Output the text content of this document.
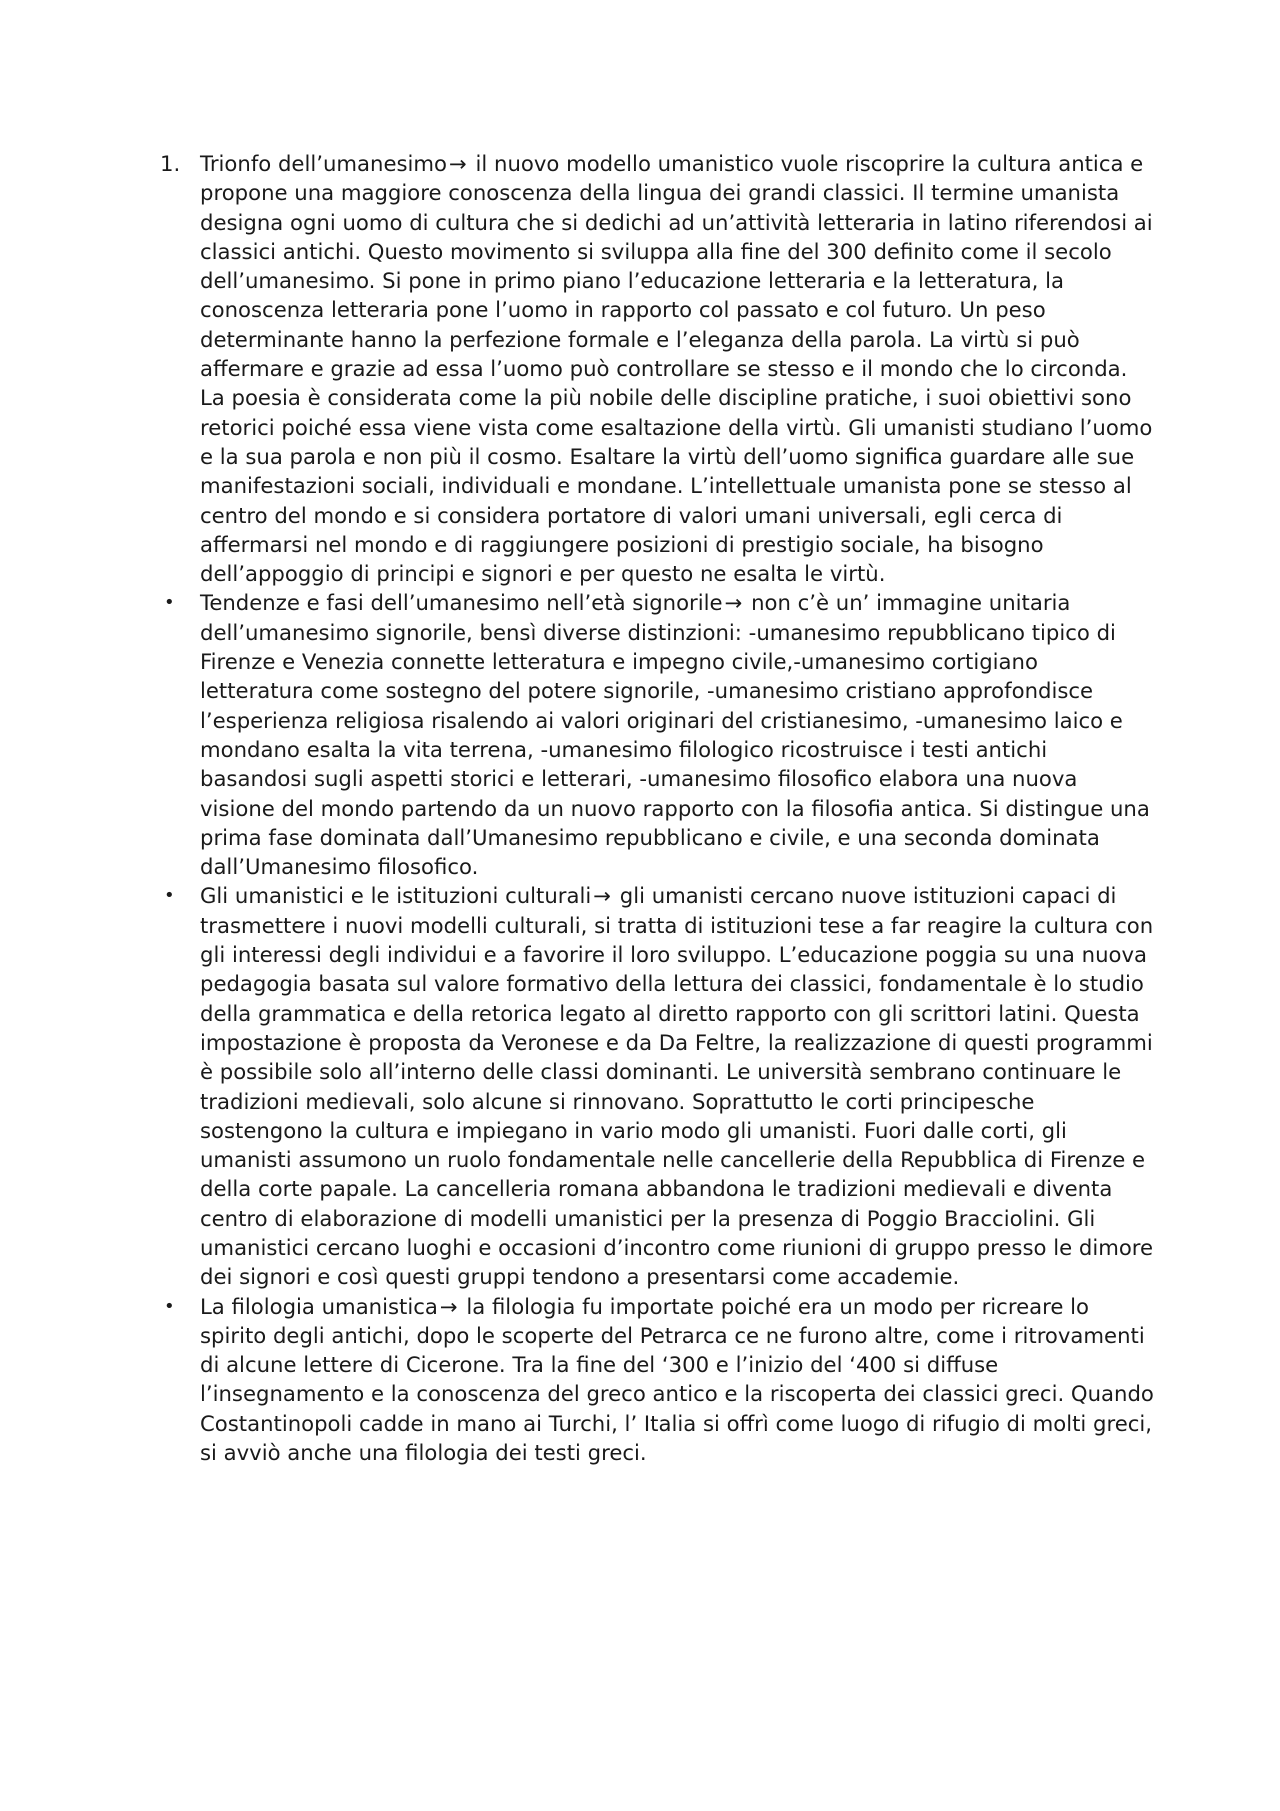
1. Trionfo dell’umanesimo→ il nuovo modello umanistico vuole riscoprire la cultura antica e propone una maggiore conoscenza della lingua dei grandi classici. Il termine umanista designa ogni uomo di cultura che si dedichi ad un’attività letteraria in latino riferendosi ai classici antichi. Questo movimento si sviluppa alla fine del 300 definito come il secolo dell’umanesimo. Si pone in primo piano l’educazione letteraria e la letteratura, la conoscenza letteraria pone l’uomo in rapporto col passato e col futuro. Un peso determinante hanno la perfezione formale e l’eleganza della parola. La virtù si può affermare e grazie ad essa l’uomo può controllare se stesso e il mondo che lo circonda. La poesia è considerata come la più nobile delle discipline pratiche, i suoi obiettivi sono retorici poiché essa viene vista come esaltazione della virtù. Gli umanisti studiano l’uomo e la sua parola e non più il cosmo. Esaltare la virtù dell’uomo significa guardare alle sue manifestazioni sociali, individuali e mondane. L’intellettuale umanista pone se stesso al centro del mondo e si considera portatore di valori umani universali, egli cerca di affermarsi nel mondo e di raggiungere posizioni di prestigio sociale, ha bisogno dell’appoggio di principi e signori e per questo ne esalta le virtù.
•	Tendenze e fasi dell’umanesimo nell’età signorile→ non c’è un’ immagine unitaria dell’umanesimo signorile, bensì diverse distinzioni: -umanesimo repubblicano tipico di Firenze e Venezia connette letteratura e impegno civile,-umanesimo cortigiano letteratura come sostegno del potere signorile, -umanesimo cristiano approfondisce l’esperienza religiosa risalendo ai valori originari del cristianesimo, -umanesimo laico e mondano esalta la vita terrena, -umanesimo filologico ricostruisce i testi antichi basandosi sugli aspetti storici e letterari, -umanesimo filosofico elabora una nuova visione del mondo partendo da un nuovo rapporto con la filosofia antica. Si distingue una prima fase dominata dall’Umanesimo repubblicano e civile, e una seconda dominata dall’Umanesimo filosofico.
•	Gli umanistici e le istituzioni culturali→ gli umanisti cercano nuove istituzioni capaci di trasmettere i nuovi modelli culturali, si tratta di istituzioni tese a far reagire la cultura con gli interessi degli individui e a favorire il loro sviluppo. L’educazione poggia su una nuova pedagogia basata sul valore formativo della lettura dei classici, fondamentale è lo studio della grammatica e della retorica legato al diretto rapporto con gli scrittori latini. Questa impostazione è proposta da Veronese e da Da Feltre, la realizzazione di questi programmi è possibile solo all’interno delle classi dominanti. Le università sembrano continuare le tradizioni medievali, solo alcune si rinnovano. Soprattutto le corti principesche sostengono la cultura e impiegano in vario modo gli umanisti. Fuori dalle corti, gli umanisti assumono un ruolo fondamentale nelle cancellerie della Repubblica di Firenze e della corte papale. La cancelleria romana abbandona le tradizioni medievali e diventa centro di elaborazione di modelli umanistici per la presenza di Poggio Bracciolini. Gli umanistici cercano luoghi e occasioni d’incontro come riunioni di gruppo presso le dimore dei signori e così questi gruppi tendono a presentarsi come accademie.
•	La filologia umanistica→ la filologia fu importate poiché era un modo per ricreare lo spirito degli antichi, dopo le scoperte del Petrarca ce ne furono altre, come i ritrovamenti di alcune lettere di Cicerone. Tra la fine del ‘300 e l’inizio del ‘400 si diffuse l’insegnamento e la conoscenza del greco antico e la riscoperta dei classici greci. Quando Costantinopoli cadde in mano ai Turchi, l’ Italia si offrì come luogo di rifugio di molti greci, si avviò anche una filologia dei testi greci.
